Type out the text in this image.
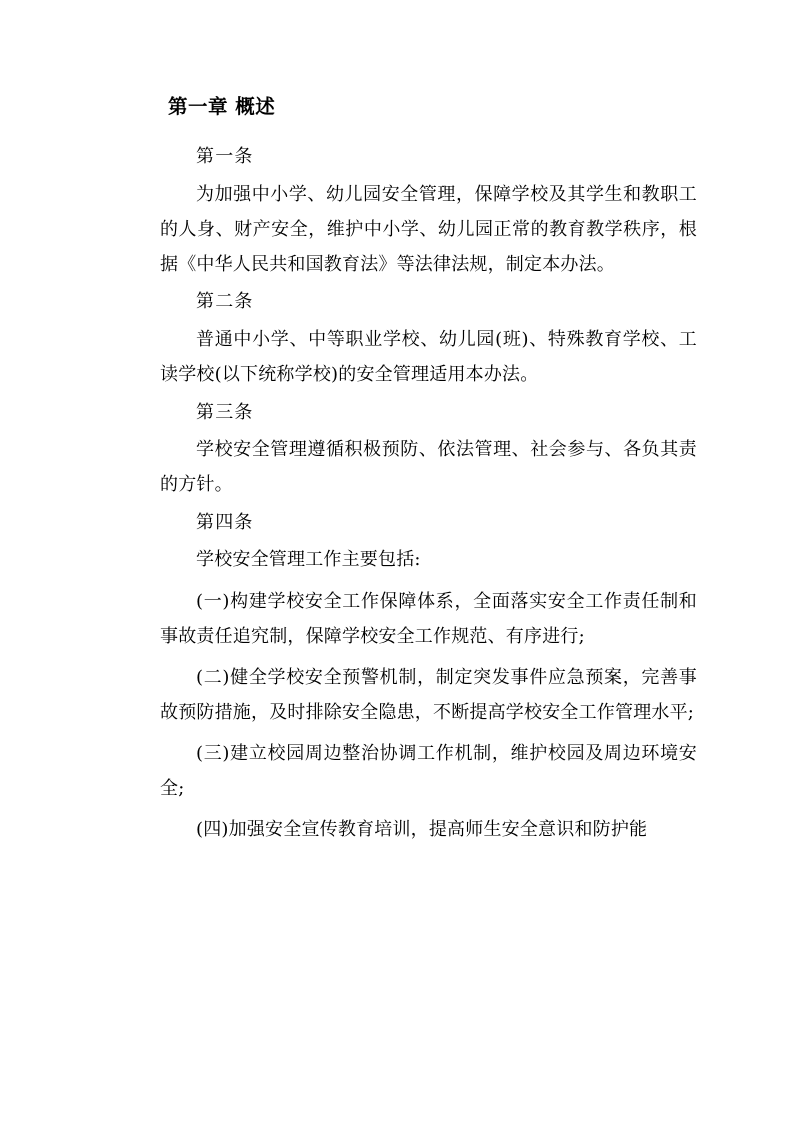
第一章 概述

第一条

为加强中小学、幼儿园安全管理，保障学校及其学生和教职工的人身、财产安全，维护中小学、幼儿园正常的教育教学秩序，根据《中华人民共和国教育法》等法律法规，制定本办法。

第二条

普通中小学、中等职业学校、幼儿园(班)、特殊教育学校、工读学校(以下统称学校)的安全管理适用本办法。

第三条

学校安全管理遵循积极预防、依法管理、社会参与、各负其责的方针。

第四条

学校安全管理工作主要包括:

(一)构建学校安全工作保障体系，全面落实安全工作责任制和事故责任追究制，保障学校安全工作规范、有序进行;

(二)健全学校安全预警机制，制定突发事件应急预案，完善事故预防措施，及时排除安全隐患，不断提高学校安全工作管理水平;

(三)建立校园周边整治协调工作机制，维护校园及周边环境安全;

(四)加强安全宣传教育培训，提高师生安全意识和防护能
